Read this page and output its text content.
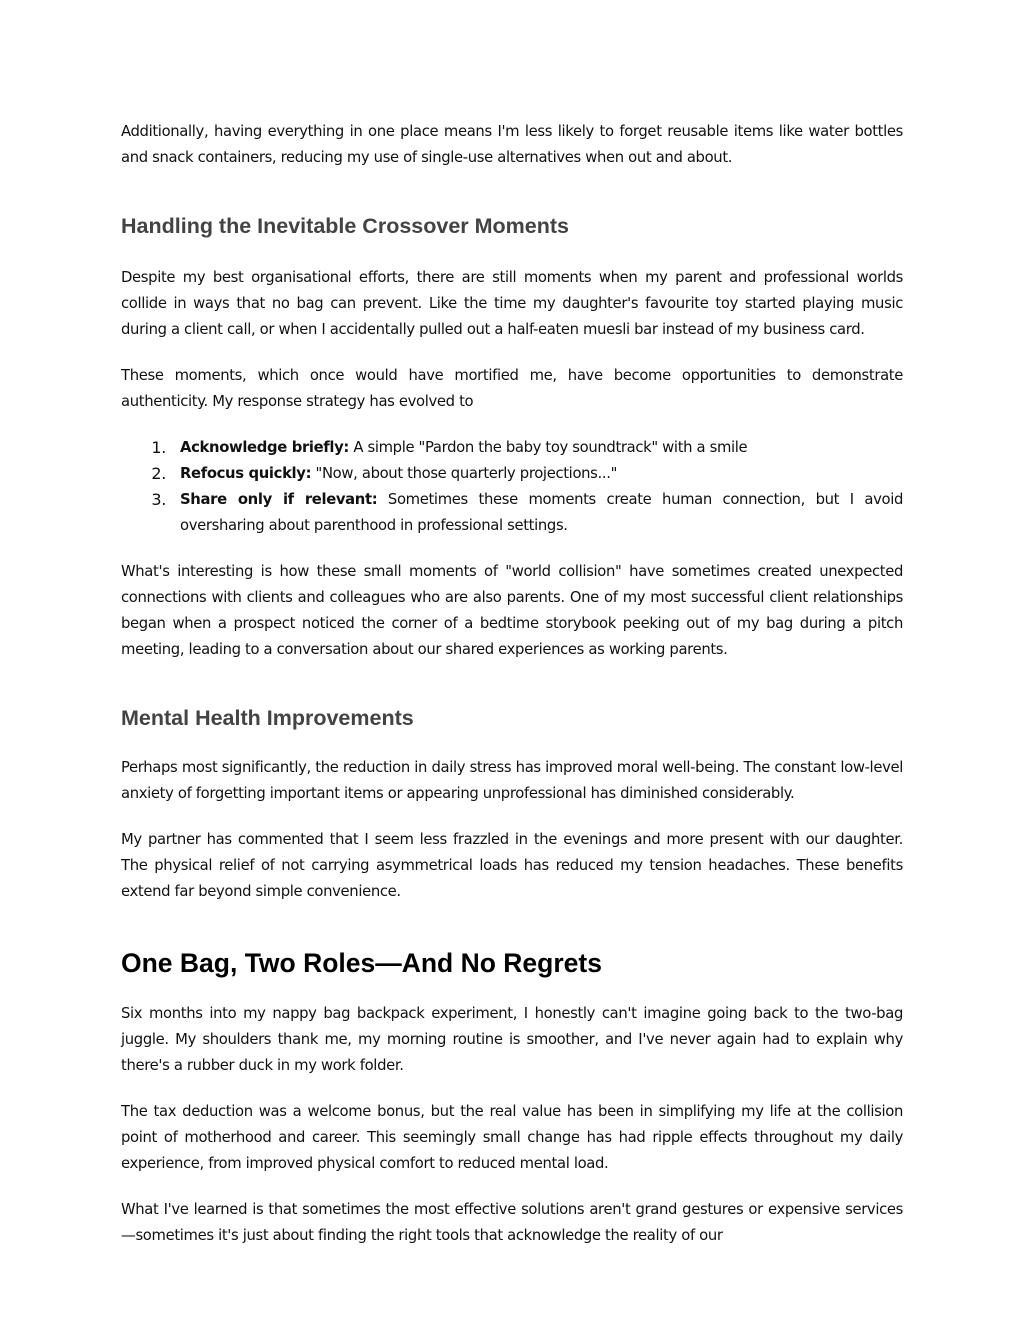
Additionally, having everything in one place means I'm less likely to forget reusable items like water bottles and snack containers, reducing my use of single-use alternatives when out and about.

Handling the Inevitable Crossover Moments

Despite my best organisational efforts, there are still moments when my parent and professional worlds collide in ways that no bag can prevent. Like the time my daughter's favourite toy started playing music during a client call, or when I accidentally pulled out a half-eaten muesli bar instead of my business card.

These moments, which once would have mortified me, have become opportunities to demonstrate authenticity. My response strategy has evolved to

1. Acknowledge briefly: A simple "Pardon the baby toy soundtrack" with a smile
2. Refocus quickly: "Now, about those quarterly projections..."
3. Share only if relevant: Sometimes these moments create human connection, but I avoid oversharing about parenthood in professional settings.

What's interesting is how these small moments of "world collision" have sometimes created unexpected connections with clients and colleagues who are also parents. One of my most successful client relationships began when a prospect noticed the corner of a bedtime storybook peeking out of my bag during a pitch meeting, leading to a conversation about our shared experiences as working parents.

Mental Health Improvements

Perhaps most significantly, the reduction in daily stress has improved moral well-being. The constant low-level anxiety of forgetting important items or appearing unprofessional has diminished considerably.

My partner has commented that I seem less frazzled in the evenings and more present with our daughter. The physical relief of not carrying asymmetrical loads has reduced my tension headaches. These benefits extend far beyond simple convenience.

One Bag, Two Roles—And No Regrets

Six months into my nappy bag backpack experiment, I honestly can't imagine going back to the two-bag juggle. My shoulders thank me, my morning routine is smoother, and I've never again had to explain why there's a rubber duck in my work folder.

The tax deduction was a welcome bonus, but the real value has been in simplifying my life at the collision point of motherhood and career. This seemingly small change has had ripple effects throughout my daily experience, from improved physical comfort to reduced mental load.

What I've learned is that sometimes the most effective solutions aren't grand gestures or expensive services—sometimes it's just about finding the right tools that acknowledge the reality of our
